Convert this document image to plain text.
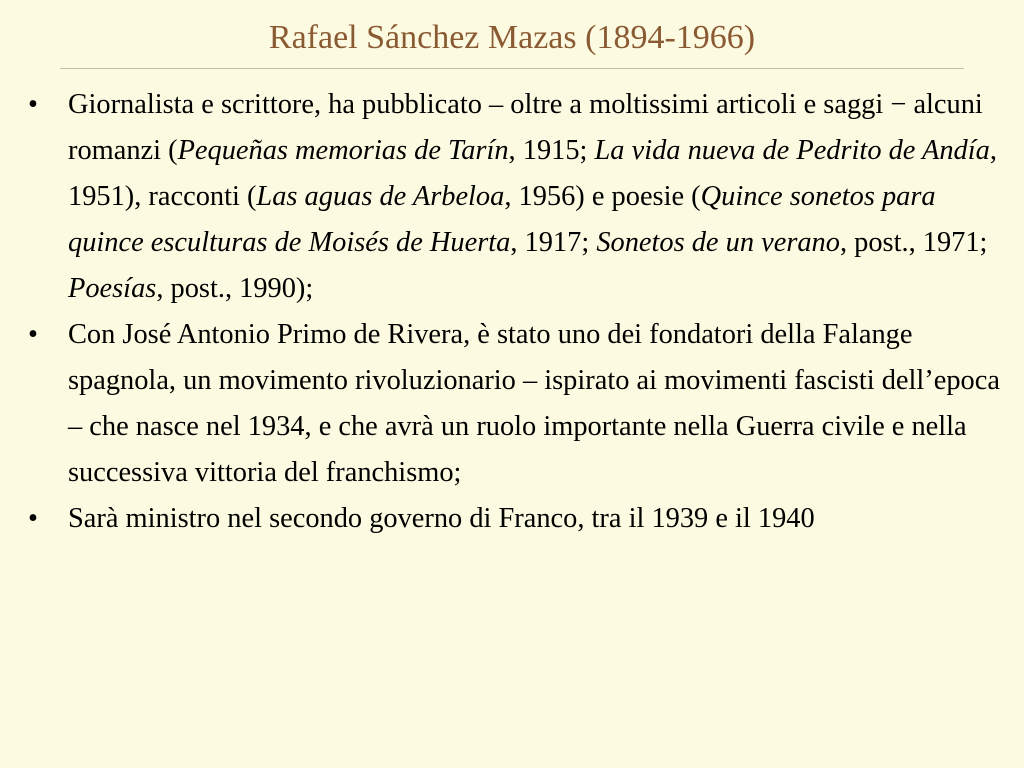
Rafael Sánchez Mazas (1894-1966)
•	Giornalista e scrittore, ha pubblicato – oltre a moltissimi articoli e saggi − alcuni romanzi (Pequeñas memorias de Tarín, 1915; La vida nueva de Pedrito de Andía, 1951), racconti (Las aguas de Arbeloa, 1956) e poesie (Quince sonetos para quince esculturas de Moisés de Huerta, 1917; Sonetos de un verano, post., 1971; Poesías, post., 1990);
•	Con José Antonio Primo de Rivera, è stato uno dei fondatori della Falange spagnola, un movimento rivoluzionario – ispirato ai movimenti fascisti dell’epoca – che nasce nel 1934, e che avrà un ruolo importante nella Guerra civile e nella successiva vittoria del franchismo;
•	Sarà ministro nel secondo governo di Franco, tra il 1939 e il 1940
